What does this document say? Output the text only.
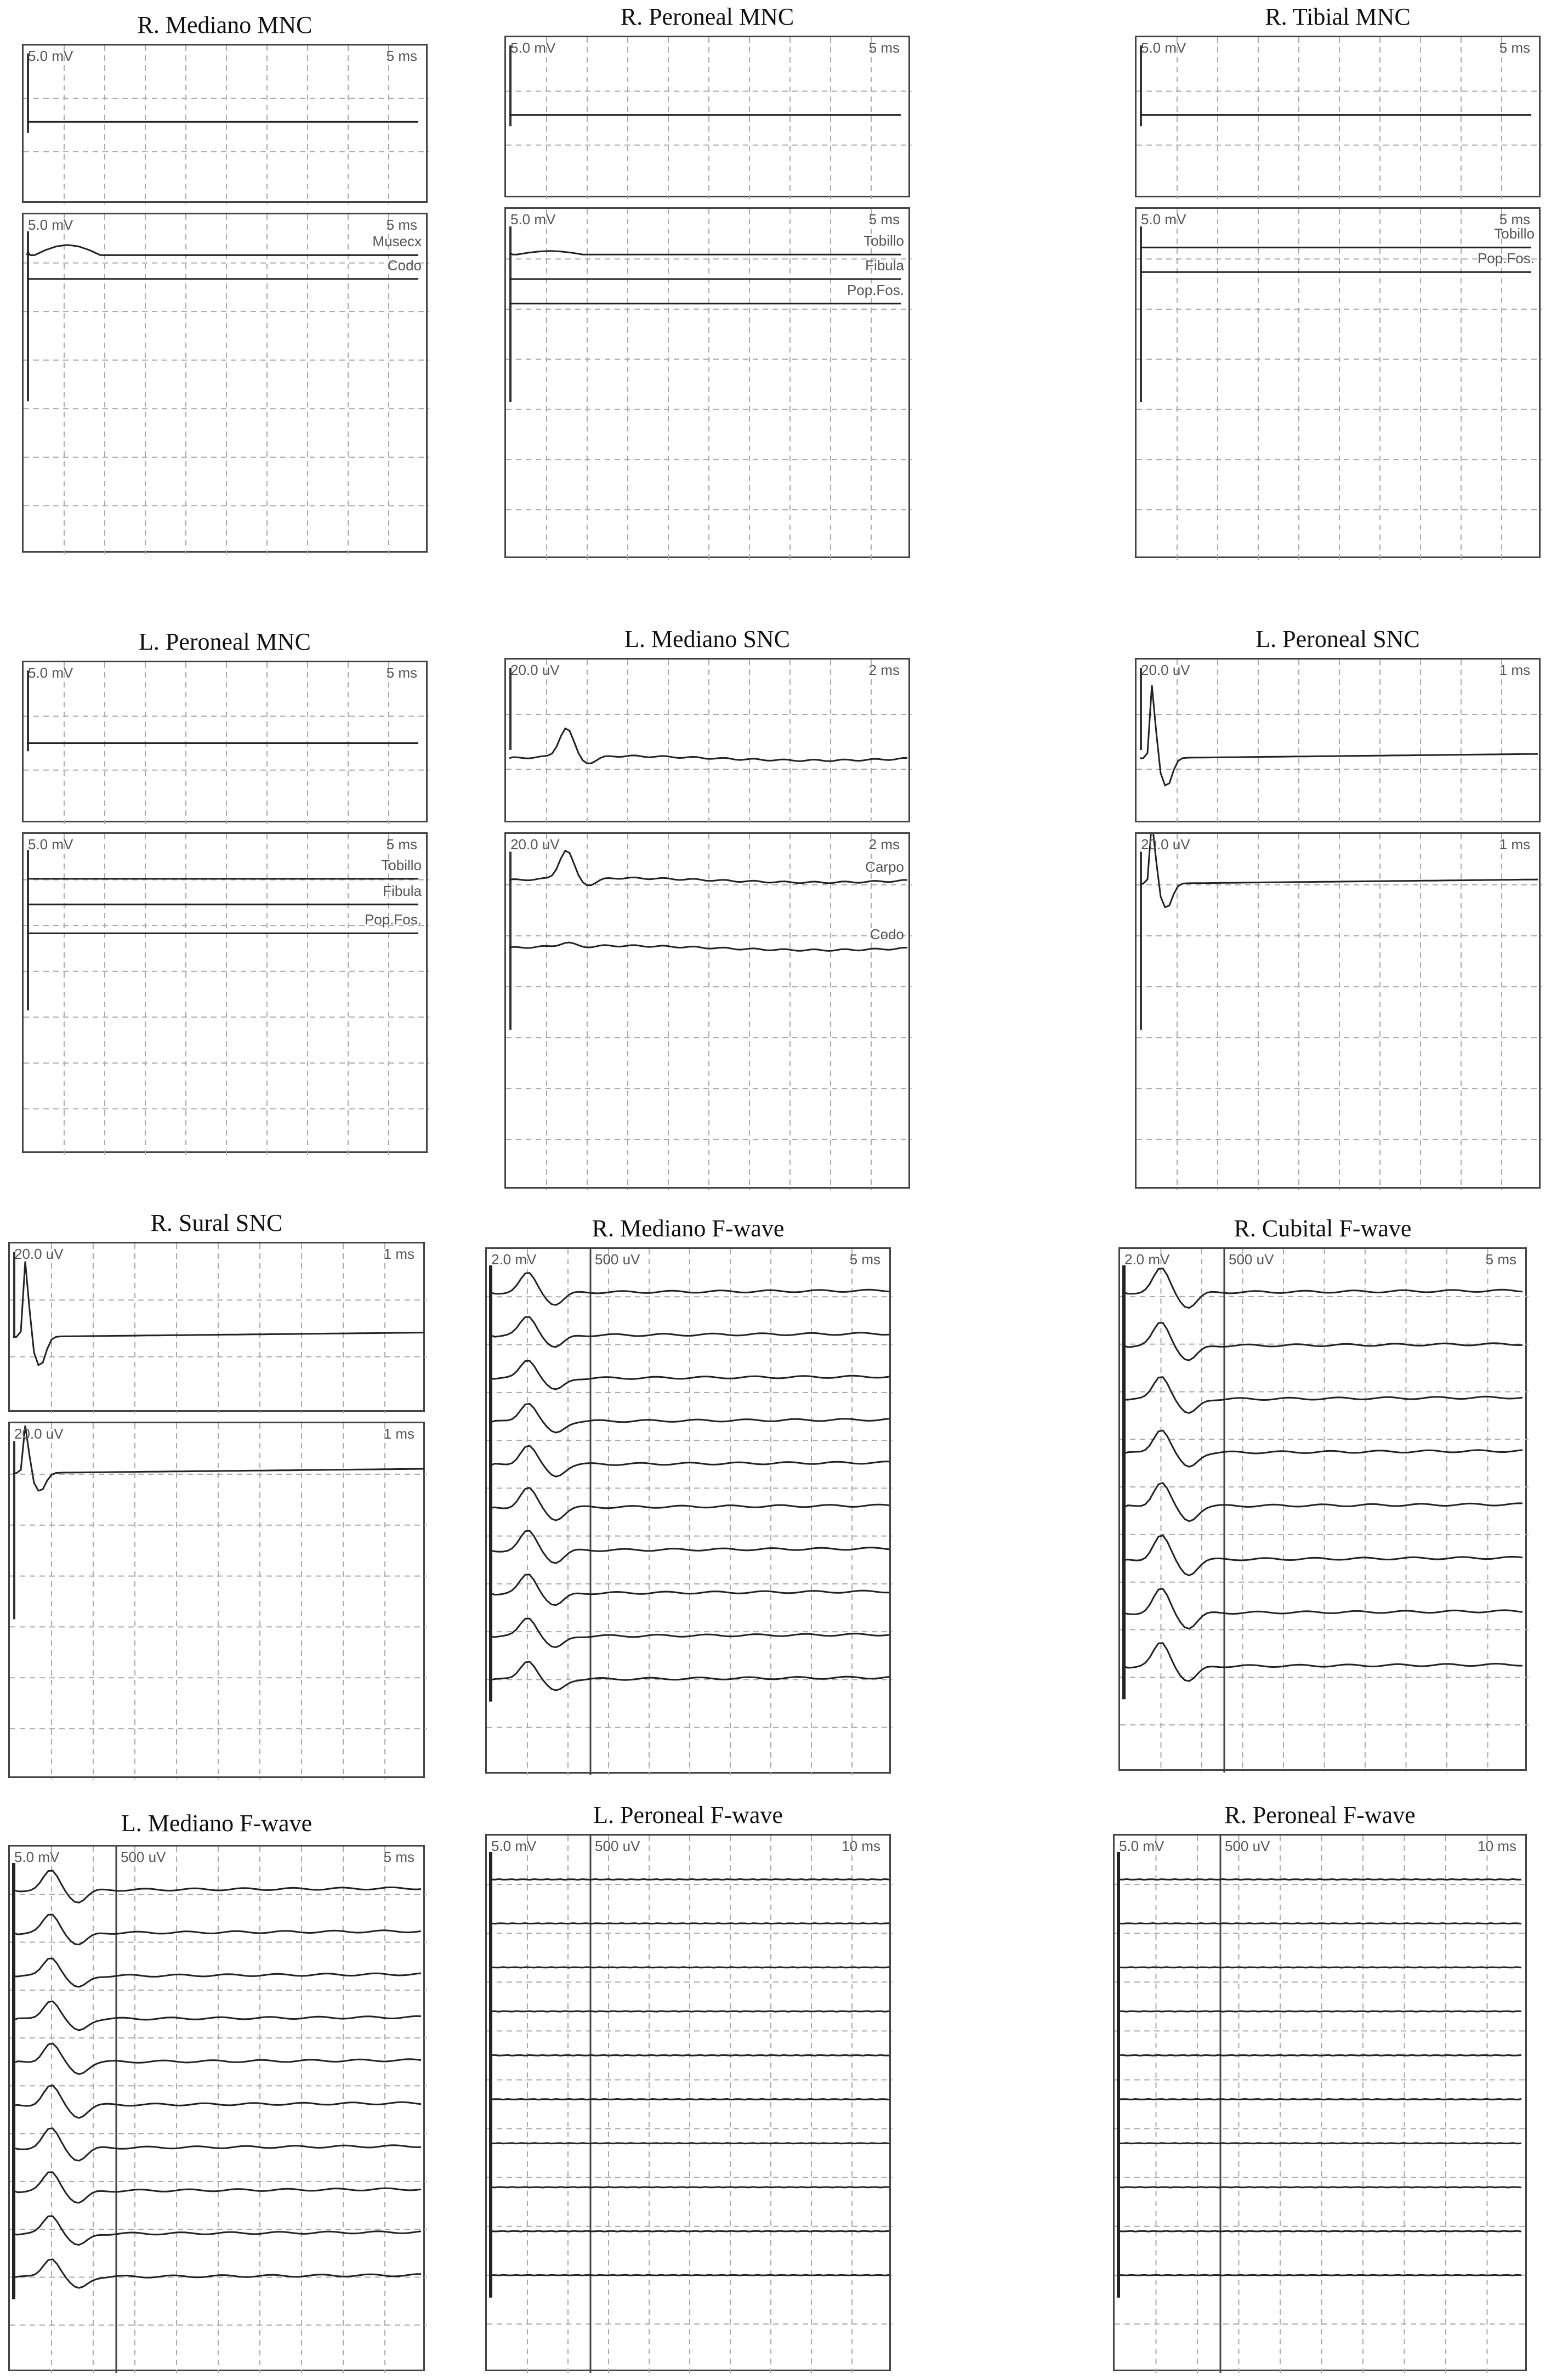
R. Mediano MNC
5.0 mV	5 ms
Musecx
Codo
5.0 mV	5 ms
R. Peroneal MNC
5.0 mV	5 ms
Tobillo
Fibula
Pop.Fos.
5.0 mV	5 ms
R. Tibial MNC
5.0 mV	5 ms
Tobillo
Pop.Fos.
5.0 mV	5 ms
L. Peroneal MNC
5.0 mV	5 ms
Tobillo
Fibula
Pop.Fos.
5.0 mV	5 ms
L. Mediano SNC
20.0 uV	2 ms
Carpo
Codo
20.0 uV	2 ms
L. Peroneal SNC
20.0 uV	1 ms
20.0 uV	1 ms
R. Sural SNC
20.0 uV	1 ms
20.0 uV	1 ms
R. Mediano F-wave
2.0 mV	500 uV	5 ms
R. Cubital F-wave
2.0 mV	500 uV	5 ms
L. Mediano F-wave
5.0 mV	500 uV	5 ms
L. Peroneal F-wave
5.0 mV	500 uV	10 ms
R. Peroneal F-wave
5.0 mV	500 uV	10 ms
